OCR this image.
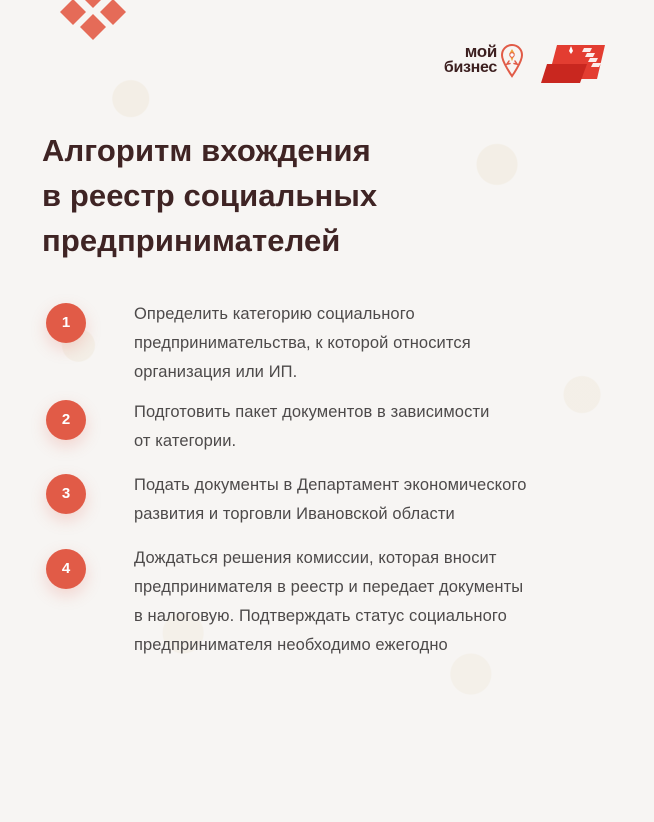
мой
бизнес
Алгоритм вхождения
в реестр социальных
предпринимателей
1	Определить категорию социального
предпринимательства, к которой относится
организация или ИП.
2	Подготовить пакет документов в зависимости
от категории.
3	Подать документы в Департамент экономического
развития и торговли Ивановской области
4
Дождаться решения комиссии, которая вносит
предпринимателя в реестр и передает документы
в налоговую. Подтверждать статус социального
предпринимателя необходимо ежегодно
